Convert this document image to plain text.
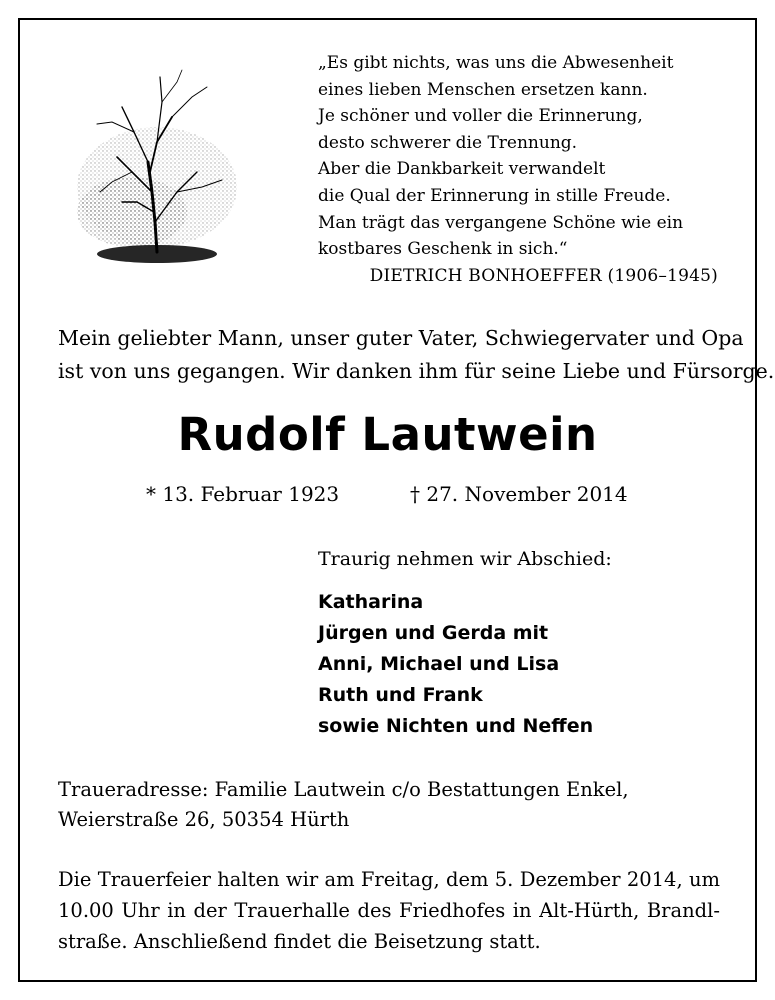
„Es gibt nichts, was uns die Abwesenheit
eines lieben Menschen ersetzen kann.
Je schöner und voller die Erinnerung,
desto schwerer die Trennung.
Aber die Dankbarkeit verwandelt
die Qual der Erinnerung in stille Freude.
Man trägt das vergangene Schöne wie ein
kostbares Geschenk in sich.“
DIETRICH BONHOEFFER (1906–1945)
Mein geliebter Mann, unser guter Vater, Schwiegervater und Opa
ist von uns gegangen. Wir danken ihm für seine Liebe und Fürsorge.
Rudolf Lautwein
* 13. Februar 1923	† 27. November 2014
Traurig nehmen wir Abschied:
Katharina
Jürgen und Gerda mit
Anni, Michael und Lisa
Ruth und Frank
sowie Nichten und Neffen
Traueradresse: Familie Lautwein c/o Bestattungen Enkel,
Weierstraße 26, 50354 Hürth
Die Trauerfeier halten wir am Freitag, dem 5. Dezember 2014, um
10.00 Uhr in der Trauerhalle des Friedhofes in Alt-Hürth, Brandl-
straße. Anschließend findet die Beisetzung statt.
